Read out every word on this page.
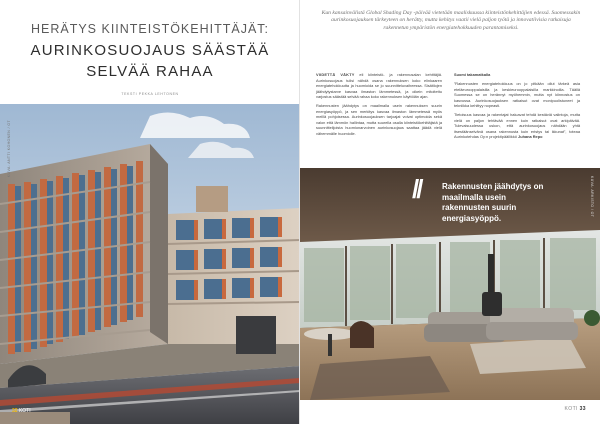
HERÄTYS KIINTEISTÖKEHITTÄJÄT:
AURINKOSUOJAUS SÄÄSTÄÄ
SELVÄÄ RAHAA
TEKSTI PEKKA LEHTONEN
KUVA: ANTTI KOHONEN / OT
32 KOTI
Kun kansainvälistä Global Shading Day -päivää vietetään maaliskuussa kiinteistönkehittäjien edessä. Suomessakin aurinkosuojauksen tärkeyteen on herätty, mutta kehitys vaatii vielä paljon työtä ja innovatiivisia ratkaisuja rakennetun ympäristön energiatehokkuuden parantamiseksi.

VIIDETTÄ VÄKTY eli kiinteistö- ja rakennusalan kehittäjiä. Aurinkosuojaus tulisi nähdä osana rakennuksen koko elinkaaren energiatehokkuutta ja huomioida se jo suunnitteluvaiheessa. Sisätilojen jäähdytystarve kasvaa ilmaston lämmetessä, ja oikein mitoitettu varjostus säästää selvää rahaa koko rakennuksen käyttöiän ajan.

Rakennusten jäähdytys on maailmalla usein rakennuksen suurin energiasyöppö, ja sen merkitys kasvaa ilmaston lämmetessä myös meillä pohjoisessa. Aurinkosuojauksen tarjoajat voivat optimoida sekä valon että lämmön hallintaa, mutta suurella osalla kiinteistökehittäjistä ja suunnittelijoista huomionarvoinen aurinkosuojaus saattaa jäädä vielä vähemmälle huomiolle.

Suomi takamatkalla

”Rakennusten energiatehokkuus on jo pitkään ollut tärkeä asia eteläeurooppalaisilla ja keskieurooppalaisilla markkinoilla. Täällä Suomessa se on herännyt myöhemmin, mutta nyt kiinnostus on kasvussa. Aurinkosuojauksen ratkaisut ovat monipuolistuneet ja tekniikka kehittyy nopeasti.

Tietoisuus kasvaa ja rakentajat haluavat tehdä kestäviä valintoja, mutta vielä on paljon tehtävää ennen kuin ratkaisut ovat arkipäivää. Tulevaisuudessa uskon, että aurinkosuojaus nähdään yhtä itsestäänselvänä osana rakennusta kuin eristys tai ikkunat”, toteaa Aurinkotehdas Oy:n projektipäällikkö Juhana Repo

//	Rakennusten jäähdytys on maailmalla usein rakennusten suurin energiasyöppö.
KUVA: ARKISTO / OT
KOTI 33
